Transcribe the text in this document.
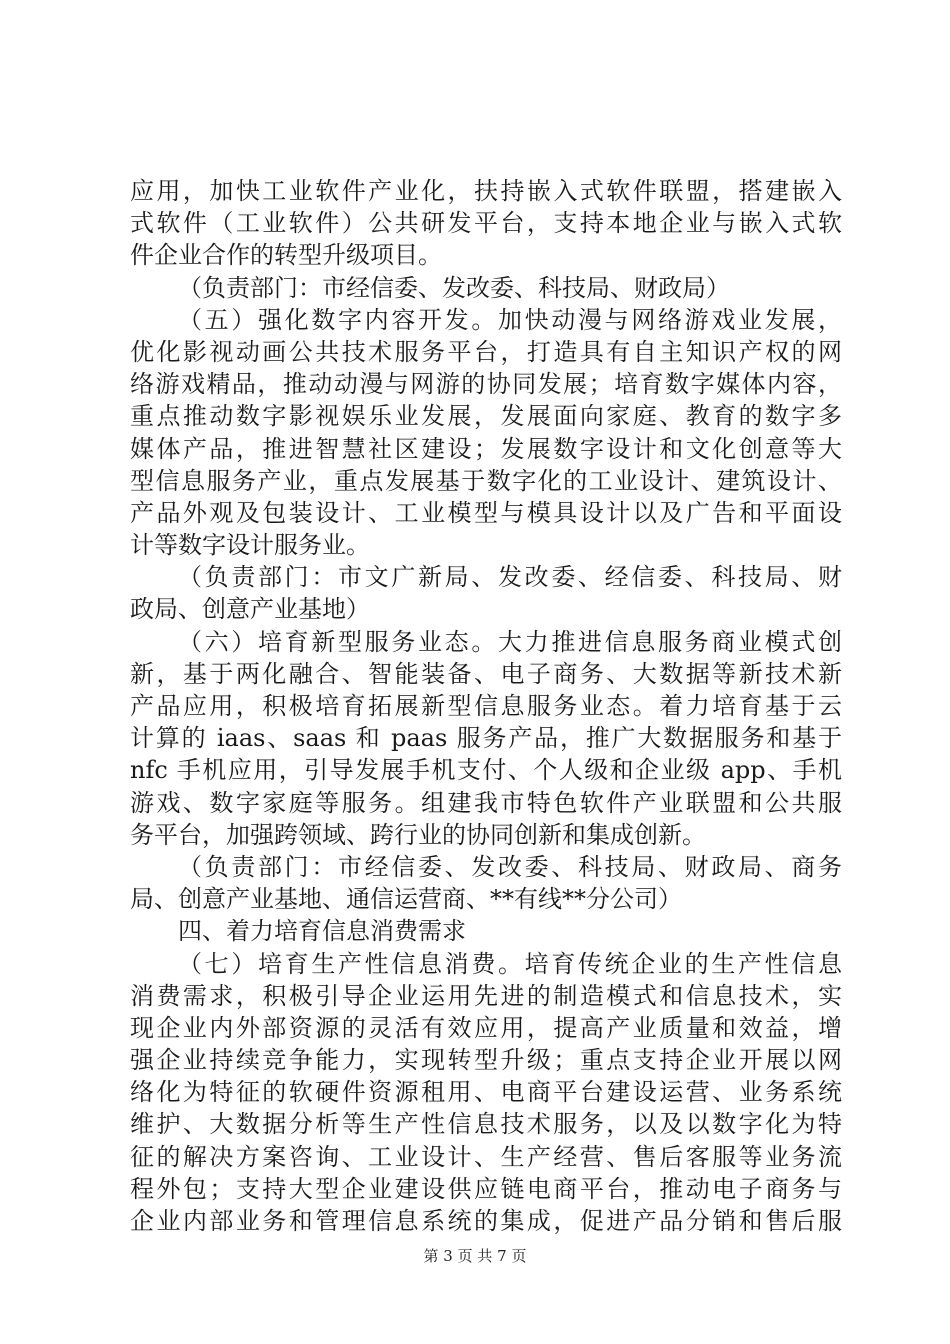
应用，加快工业软件产业化，扶持嵌入式软件联盟，搭建嵌入
式软件（工业软件）公共研发平台，支持本地企业与嵌入式软
件企业合作的转型升级项目。
（负责部门：市经信委、发改委、科技局、财政局）
（五）强化数字内容开发。加快动漫与网络游戏业发展，
优化影视动画公共技术服务平台，打造具有自主知识产权的网
络游戏精品，推动动漫与网游的协同发展；培育数字媒体内容，
重点推动数字影视娱乐业发展，发展面向家庭、教育的数字多
媒体产品，推进智慧社区建设；发展数字设计和文化创意等大
型信息服务产业，重点发展基于数字化的工业设计、建筑设计、
产品外观及包装设计、工业模型与模具设计以及广告和平面设
计等数字设计服务业。
（负责部门：市文广新局、发改委、经信委、科技局、财
政局、创意产业基地）
（六）培育新型服务业态。大力推进信息服务商业模式创
新，基于两化融合、智能装备、电子商务、大数据等新技术新
产品应用，积极培育拓展新型信息服务业态。着力培育基于云
计算的 iaas、saas 和 paas 服务产品，推广大数据服务和基于
nfc 手机应用，引导发展手机支付、个人级和企业级 app、手机
游戏、数字家庭等服务。组建我市特色软件产业联盟和公共服
务平台，加强跨领域、跨行业的协同创新和集成创新。
（负责部门：市经信委、发改委、科技局、财政局、商务
局、创意产业基地、通信运营商、**有线**分公司）
四、着力培育信息消费需求
（七）培育生产性信息消费。培育传统企业的生产性信息
消费需求，积极引导企业运用先进的制造模式和信息技术，实
现企业内外部资源的灵活有效应用，提高产业质量和效益，增
强企业持续竞争能力，实现转型升级；重点支持企业开展以网
络化为特征的软硬件资源租用、电商平台建设运营、业务系统
维护、大数据分析等生产性信息技术服务，以及以数字化为特
征的解决方案咨询、工业设计、生产经营、售后客服等业务流
程外包；支持大型企业建设供应链电商平台，推动电子商务与
企业内部业务和管理信息系统的集成，促进产品分销和售后服
第 3 页 共 7 页
